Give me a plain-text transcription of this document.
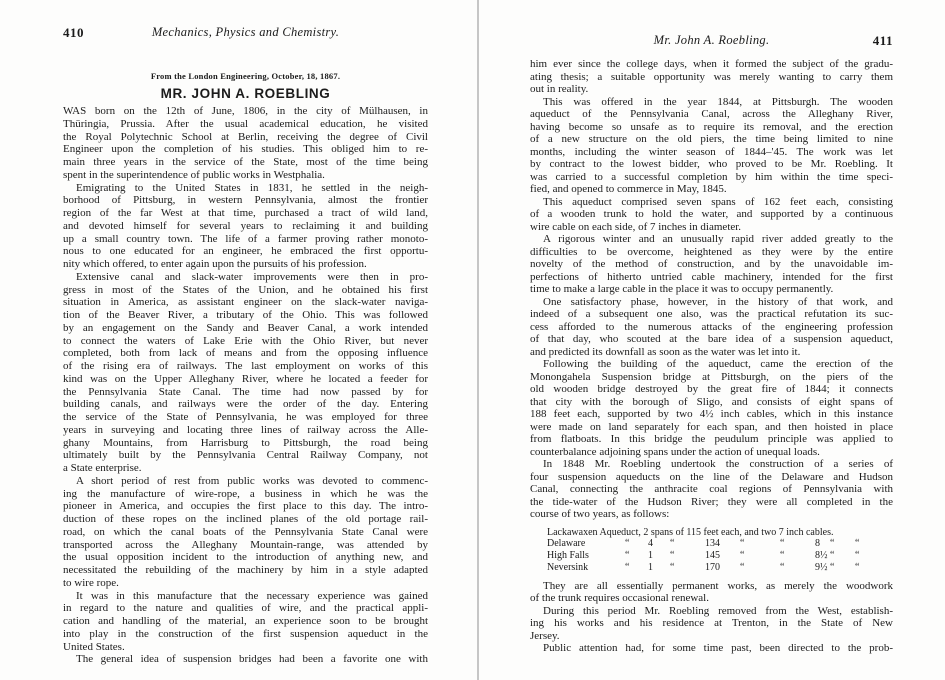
410	Mechanics, Physics and Chemistry.
From the London Engineering, October, 18, 1867.
MR. JOHN A. ROEBLING
WAS born on the 12th of June, 1806, in the city of Mülhausen, in
Thüringia, Prussia. After the usual academical education, he visited
the Royal Polytechnic School at Berlin, receiving the degree of Civil
Engineer upon the completion of his studies. This obliged him to re-
main three years in the service of the State, most of the time being
spent in the superintendence of public works in Westphalia.
Emigrating to the United States in 1831, he settled in the neigh-
borhood of Pittsburg, in western Pennsylvania, almost the frontier
region of the far West at that time, purchased a tract of wild land,
and devoted himself for several years to reclaiming it and building
up a small country town. The life of a farmer proving rather monoto-
nous to one educated for an engineer, he embraced the first opportu-
nity which offered, to enter again upon the pursuits of his profession.
Extensive canal and slack-water improvements were then in pro-
gress in most of the States of the Union, and he obtained his first
situation in America, as assistant engineer on the slack-water naviga-
tion of the Beaver River, a tributary of the Ohio. This was followed
by an engagement on the Sandy and Beaver Canal, a work intended
to connect the waters of Lake Erie with the Ohio River, but never
completed, both from lack of means and from the opposing influence
of the rising era of railways. The last employment on works of this
kind was on the Upper Alleghany River, where he located a feeder for
the Pennsylvania State Canal. The time had now passed by for
building canals, and railways were the order of the day. Entering
the service of the State of Pennsylvania, he was employed for three
years in surveying and locating three lines of railway across the Alle-
ghany Mountains, from Harrisburg to Pittsburgh, the road being
ultimately built by the Pennsylvania Central Railway Company, not
a State enterprise.
A short period of rest from public works was devoted to commenc-
ing the manufacture of wire-rope, a business in which he was the
pioneer in America, and occupies the first place to this day. The intro-
duction of these ropes on the inclined planes of the old portage rail-
road, on which the canal boats of the Pennsylvania State Canal were
transported across the Alleghany Mountain-range, was attended by
the usual opposition incident to the introduction of anything new, and
necessitated the rebuilding of the machinery by him in a style adapted
to wire rope.
It was in this manufacture that the necessary experience was gained
in regard to the nature and qualities of wire, and the practical appli-
cation and handling of the material, an experience soon to be brought
into play in the construction of the first suspension aqueduct in the
United States.
The general idea of suspension bridges had been a favorite one with
Mr. John A. Roebling.	411
him ever since the college days, when it formed the subject of the gradu-
ating thesis; a suitable opportunity was merely wanting to carry them
out in reality.
This was offered in the year 1844, at Pittsburgh. The wooden
aqueduct of the Pennsylvania Canal, across the Alleghany River,
having become so unsafe as to require its removal, and the erection
of a new structure on the old piers, the time being limited to nine
months, including the winter season of 1844–'45. The work was let
by contract to the lowest bidder, who proved to be Mr. Roebling. It
was carried to a successful completion by him within the time speci-
fied, and opened to commerce in May, 1845.
This aqueduct comprised seven spans of 162 feet each, consisting
of a wooden trunk to hold the water, and supported by a continuous
wire cable on each side, of 7 inches in diameter.
A rigorous winter and an unusually rapid river added greatly to the
difficulties to be overcome, heightened as they were by the entire
novelty of the method of construction, and by the unavoidable im-
perfections of hitherto untried cable machinery, intended for the first
time to make a large cable in the place it was to occupy permanently.
One satisfactory phase, however, in the history of that work, and
indeed of a subsequent one also, was the practical refutation its suc-
cess afforded to the numerous attacks of the engineering profession
of that day, who scouted at the bare idea of a suspension aqueduct,
and predicted its downfall as soon as the water was let into it.
Following the building of the aqueduct, came the erection of the
Monongahela Suspension bridge at Pittsburgh, on the piers of the
old wooden bridge destroyed by the great fire of 1844; it connects
that city with the borough of Sligo, and consists of eight spans of
188 feet each, supported by two 4½ inch cables, which in this instance
were made on land separately for each span, and then hoisted in place
from flatboats. In this bridge the peudulum principle was applied to
counterbalance adjoining spans under the action of unequal loads.
In 1848 Mr. Roebling undertook the construction of a series of
four suspension aqueducts on the line of the Delaware and Hudson
Canal, connecting the anthracite coal regions of Pennsylvania with
the tide-water of the Hudson River; they were all completed in the
course of two years, as follows:
Lackawaxen Aqueduct, 2 spans of 115 feet each, and two 7 inch cables.
Delaware	“	4	“	134	“	“	8	“	“
High Falls	“	1	“	145	“	“	8½ “	“
Neversink	“	1	“	170	“	“	9½ “	“
They are all essentially permanent works, as merely the woodwork
of the trunk requires occasional renewal.
During this period Mr. Roebling removed from the West, establish-
ing his works and his residence at Trenton, in the State of New
Jersey.
Public attention had, for some time past, been directed to the prob-
